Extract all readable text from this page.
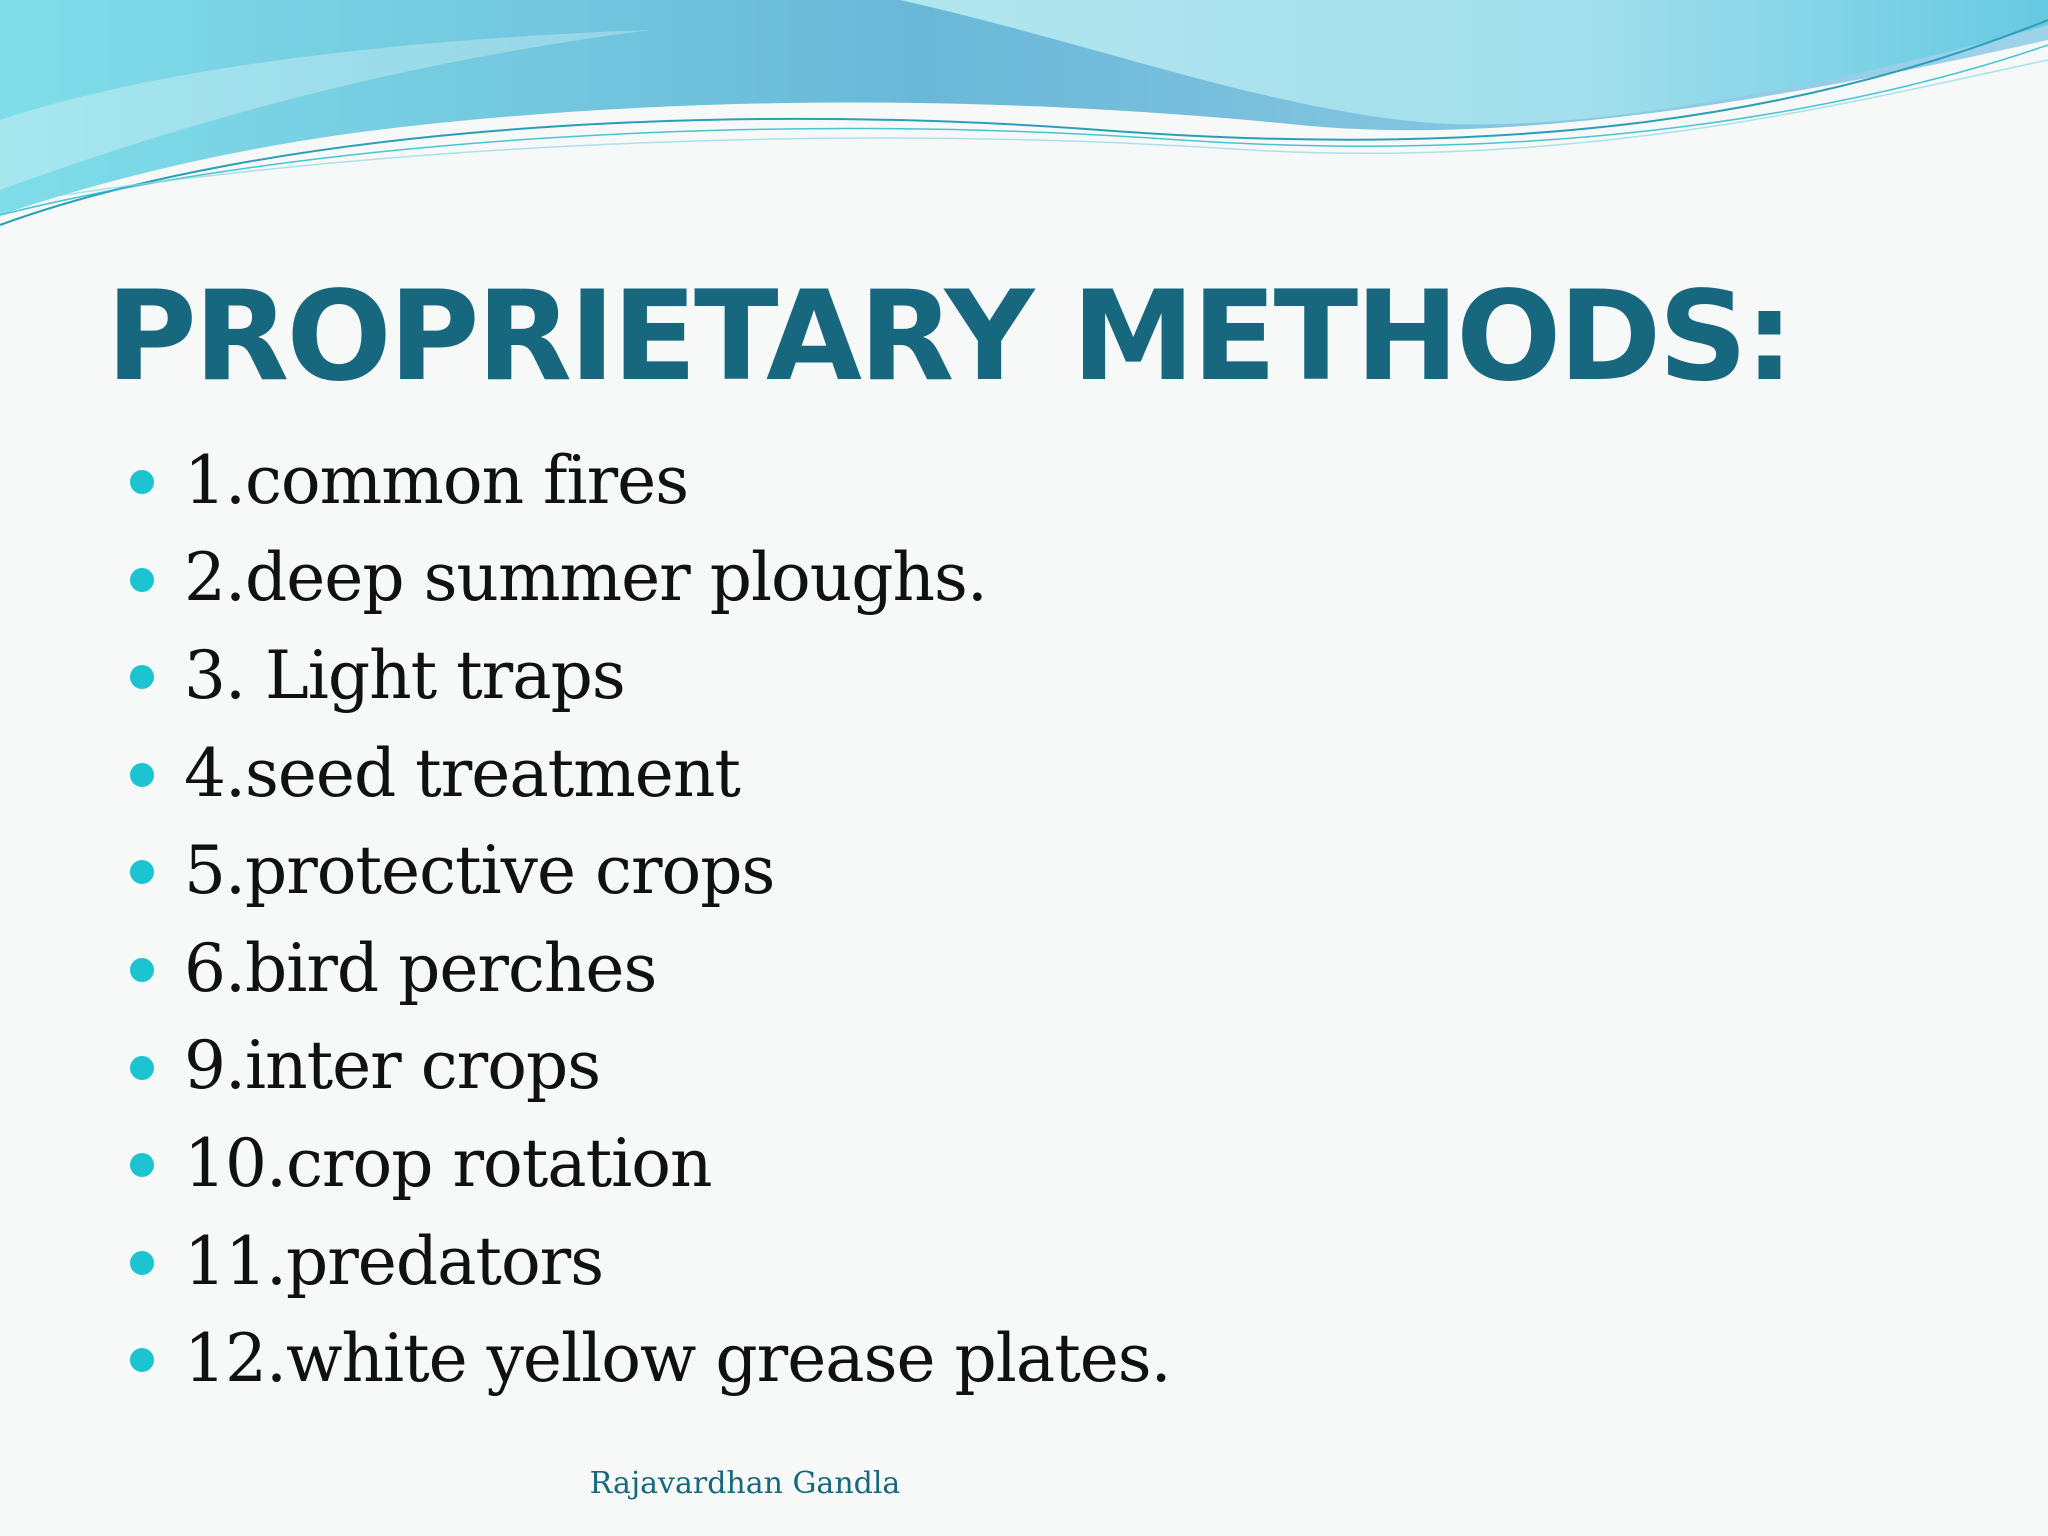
PROPRIETARY METHODS:
1.common fires
2.deep summer ploughs.
3. Light traps
4.seed treatment
5.protective crops
6.bird perches
9.inter crops
10.crop rotation
11.predators
12.white yellow grease plates.
Rajavardhan Gandla
